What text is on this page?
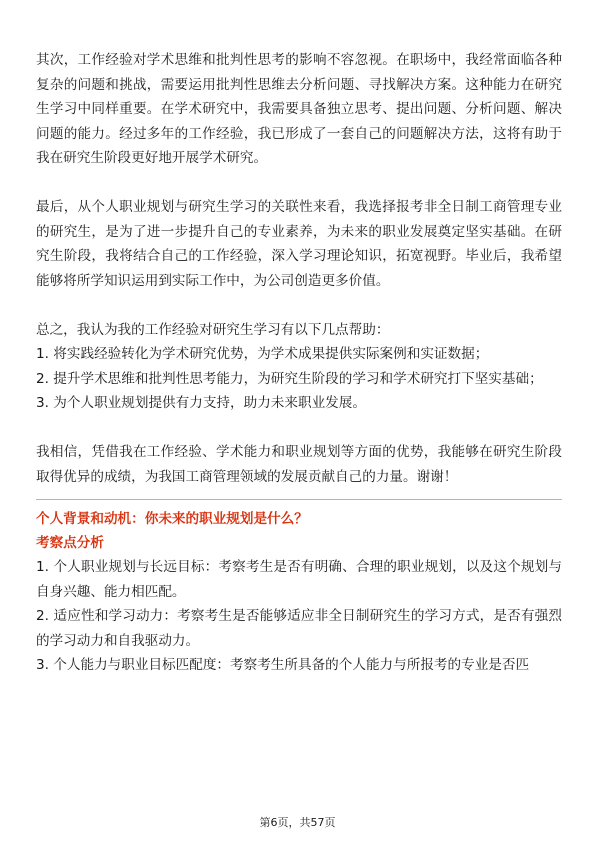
其次，工作经验对学术思维和批判性思考的影响不容忽视。在职场中，我经常面临各种复杂的问题和挑战，需要运用批判性思维去分析问题、寻找解决方案。这种能力在研究生学习中同样重要。在学术研究中，我需要具备独立思考、提出问题、分析问题、解决问题的能力。经过多年的工作经验，我已形成了一套自己的问题解决方法，这将有助于我在研究生阶段更好地开展学术研究。

最后，从个人职业规划与研究生学习的关联性来看，我选择报考非全日制工商管理专业的研究生，是为了进一步提升自己的专业素养，为未来的职业发展奠定坚实基础。在研究生阶段，我将结合自己的工作经验，深入学习理论知识，拓宽视野。毕业后，我希望能够将所学知识运用到实际工作中，为公司创造更多价值。

总之，我认为我的工作经验对研究生学习有以下几点帮助：

1. 将实践经验转化为学术研究优势，为学术成果提供实际案例和实证数据；

2. 提升学术思维和批判性思考能力，为研究生阶段的学习和学术研究打下坚实基础；

3. 为个人职业规划提供有力支持，助力未来职业发展。

我相信，凭借我在工作经验、学术能力和职业规划等方面的优势，我能够在研究生阶段取得优异的成绩，为我国工商管理领域的发展贡献自己的力量。谢谢！

个人背景和动机：你未来的职业规划是什么？

考察点分析

1. 个人职业规划与长远目标：考察考生是否有明确、合理的职业规划，以及这个规划与自身兴趣、能力相匹配。

2. 适应性和学习动力：考察考生是否能够适应非全日制研究生的学习方式，是否有强烈的学习动力和自我驱动力。

3. 个人能力与职业目标匹配度：考察考生所具备的个人能力与所报考的专业是否匹

第6页，共57页
